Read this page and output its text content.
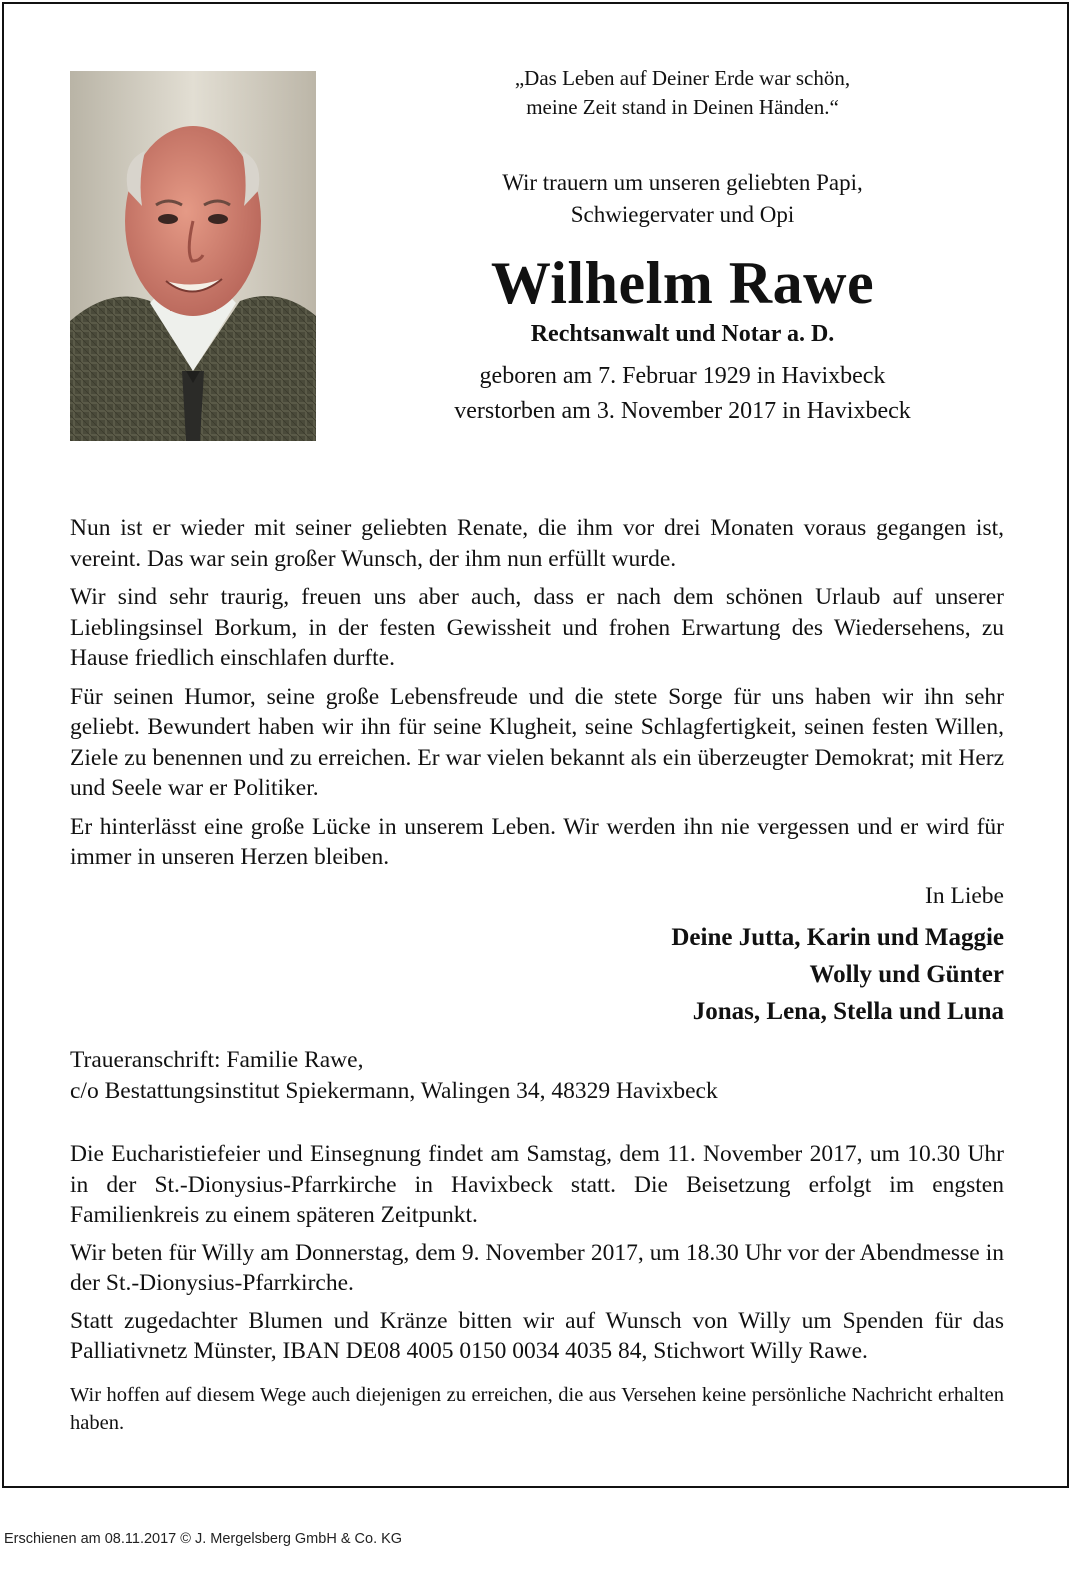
„Das Leben auf Deiner Erde war schön,
meine Zeit stand in Deinen Händen.“

Wir trauern um unseren geliebten Papi,
Schwiegervater und Opi

Wilhelm Rawe
Rechtsanwalt und Notar a. D.

geboren am 7. Februar 1929 in Havixbeck
verstorben am 3. November 2017 in Havixbeck

Nun ist er wieder mit seiner geliebten Renate, die ihm vor drei Monaten voraus gegangen ist, vereint. Das war sein großer Wunsch, der ihm nun erfüllt wurde.

Wir sind sehr traurig, freuen uns aber auch, dass er nach dem schönen Urlaub auf unserer Lieblingsinsel Borkum, in der festen Gewissheit und frohen Erwartung des Wiedersehens, zu Hause friedlich einschlafen durfte.

Für seinen Humor, seine große Lebensfreude und die stete Sorge für uns haben wir ihn sehr geliebt. Bewundert haben wir ihn für seine Klugheit, seine Schlagfertigkeit, seinen festen Willen, Ziele zu benennen und zu erreichen. Er war vielen bekannt als ein überzeugter Demokrat; mit Herz und Seele war er Politiker.

Er hinterlässt eine große Lücke in unserem Leben. Wir werden ihn nie vergessen und er wird für immer in unseren Herzen bleiben.

In Liebe

Deine Jutta, Karin und Maggie

Wolly und Günter

Jonas, Lena, Stella und Luna

Traueranschrift: Familie Rawe,

c/o Bestattungsinstitut Spiekermann, Walingen 34, 48329 Havixbeck

Die Eucharistiefeier und Einsegnung findet am Samstag, dem 11. November 2017, um 10.30 Uhr in der St.-Dionysius-Pfarrkirche in Havixbeck statt. Die Beisetzung erfolgt im engsten Familienkreis zu einem späteren Zeitpunkt.

Wir beten für Willy am Donnerstag, dem 9. November 2017, um 18.30 Uhr vor der Abendmesse in der St.-Dionysius-Pfarrkirche.

Statt zugedachter Blumen und Kränze bitten wir auf Wunsch von Willy um Spenden für das Palliativnetz Münster, IBAN DE08 4005 0150 0034 4035 84, Stichwort Willy Rawe.

Wir hoffen auf diesem Wege auch diejenigen zu erreichen, die aus Versehen keine persönliche Nachricht erhalten haben.

Erschienen am 08.11.2017 © J. Mergelsberg GmbH & Co. KG
